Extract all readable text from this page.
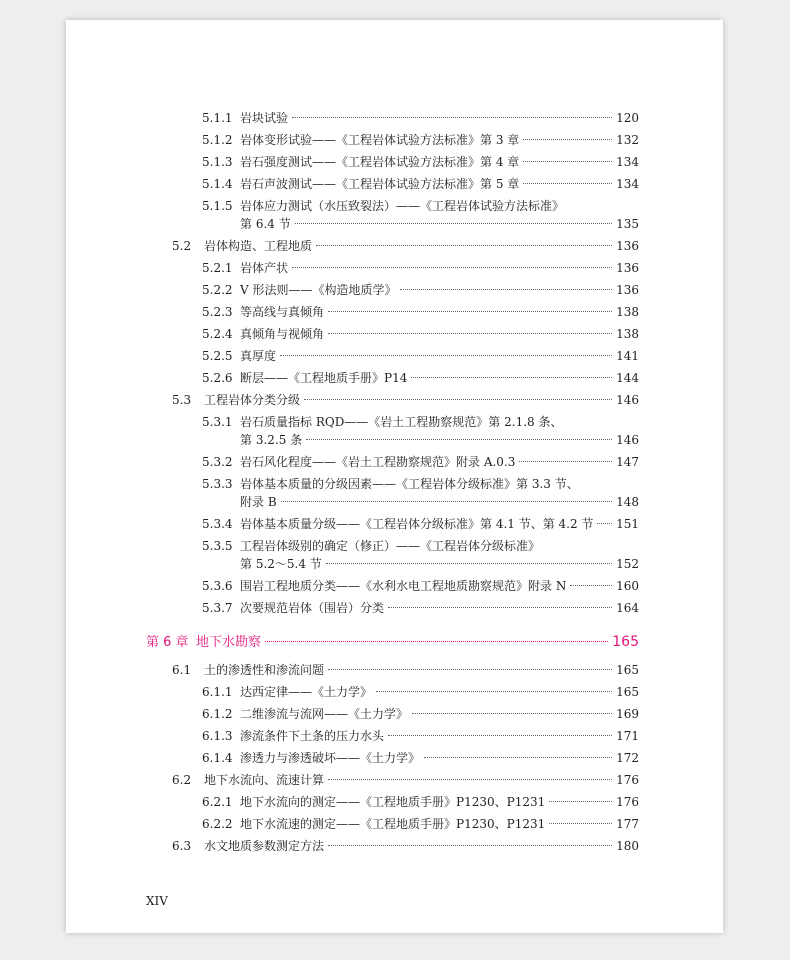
5.1.1 岩块试验	120
5.1.2 岩体变形试验——《工程岩体试验方法标准》第 3 章	132
5.1.3 岩石强度测试——《工程岩体试验方法标准》第 4 章	134
5.1.4 岩石声波测试——《工程岩体试验方法标准》第 5 章	134
5.1.5 岩体应力测试（水压致裂法）——《工程岩体试验方法标准》
第 6.4 节	135
5.2	岩体构造、工程地质	136
5.2.1 岩体产状	136
5.2.2 V 形法则——《构造地质学》	136
5.2.3 等高线与真倾角	138
5.2.4 真倾角与视倾角	138
5.2.5 真厚度	141
5.2.6 断层——《工程地质手册》P14	144
5.3	工程岩体分类分级	146
5.3.1 岩石质量指标 RQD——《岩土工程勘察规范》第 2.1.8 条、
第 3.2.5 条	146
5.3.2 岩石风化程度——《岩土工程勘察规范》附录 A.0.3	147
5.3.3 岩体基本质量的分级因素——《工程岩体分级标准》第 3.3 节、
附录 B	148
5.3.4 岩体基本质量分级——《工程岩体分级标准》第 4.1 节、第 4.2 节 151
5.3.5 工程岩体级别的确定（修正）——《工程岩体分级标准》
第 5.2～5.4 节	152
5.3.6 围岩工程地质分类——《水利水电工程地质勘察规范》附录 N	160
5.3.7 次要规范岩体（围岩）分类	164
第 6 章 地下水勘察	165
6.1	土的渗透性和渗流问题	165
6.1.1 达西定律——《土力学》	165
6.1.2 二维渗流与流网——《土力学》	169
6.1.3 渗流条件下土条的压力水头	171
6.1.4 渗透力与渗透破坏——《土力学》	172
6.2	地下水流向、流速计算	176
6.2.1 地下水流向的测定——《工程地质手册》P1230、P1231	176
6.2.2 地下水流速的测定——《工程地质手册》P1230、P1231	177
6.3	水文地质参数测定方法	180
XIV
